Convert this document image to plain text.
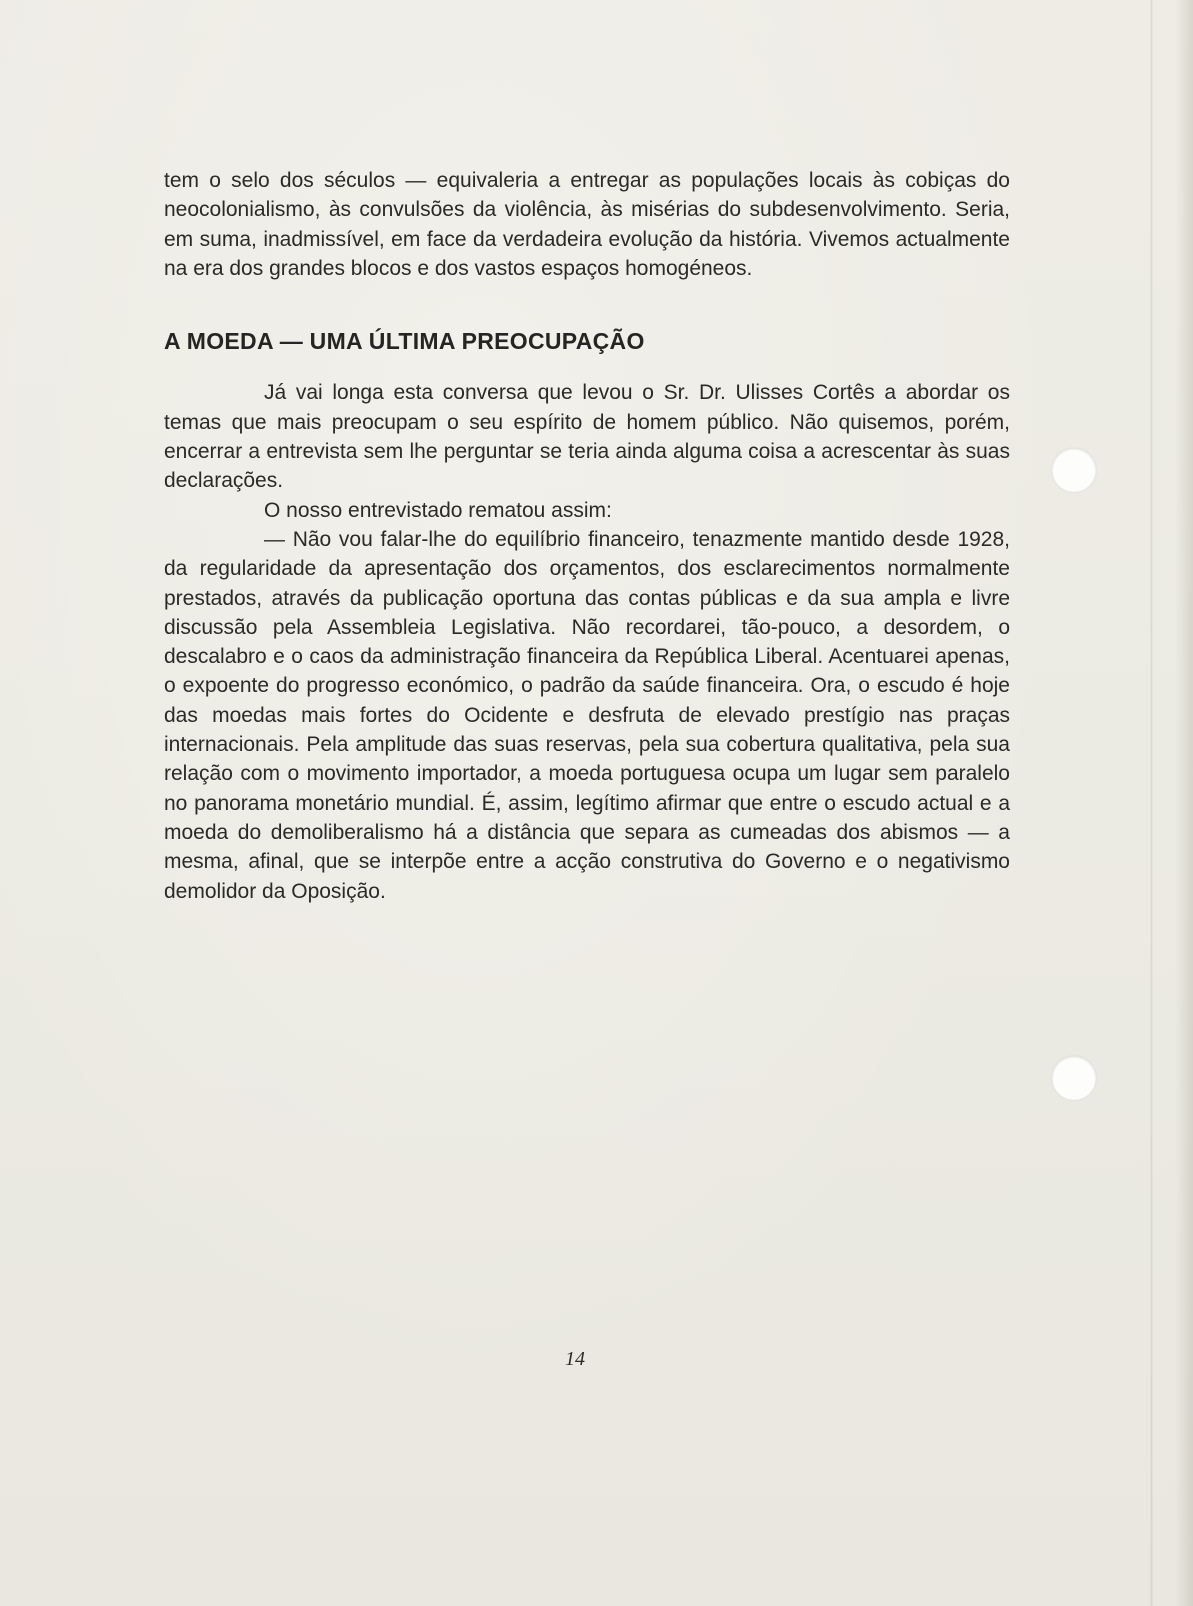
tem o selo dos séculos — equivaleria a entregar as populações locais às cobiças do neocolonialismo, às convulsões da violência, às misérias do subdesenvolvimento. Seria, em suma, inadmissível, em face da verdadeira evolução da história. Vivemos actualmente na era dos grandes blocos e dos vastos espaços homogéneos.

A MOEDA — UMA ÚLTIMA PREOCUPAÇÃO

Já vai longa esta conversa que levou o Sr. Dr. Ulisses Cortês a abordar os temas que mais preocupam o seu espírito de homem público. Não quisemos, porém, encerrar a entrevista sem lhe perguntar se teria ainda alguma coisa a acrescentar às suas declarações.

O nosso entrevistado rematou assim:

— Não vou falar-lhe do equilíbrio financeiro, tenazmente mantido desde 1928, da regularidade da apresentação dos orçamentos, dos esclarecimentos normalmente prestados, através da publicação oportuna das contas públicas e da sua ampla e livre discussão pela Assembleia Legislativa. Não recordarei, tão-pouco, a desordem, o descalabro e o caos da administração financeira da República Liberal. Acentuarei apenas, o expoente do progresso económico, o padrão da saúde financeira. Ora, o escudo é hoje das moedas mais fortes do Ocidente e desfruta de elevado prestígio nas praças internacionais. Pela amplitude das suas reservas, pela sua cobertura qualitativa, pela sua relação com o movimento importador, a moeda portuguesa ocupa um lugar sem paralelo no panorama monetário mundial. É, assim, legítimo afirmar que entre o escudo actual e a moeda do demoliberalismo há a distância que separa as cumeadas dos abismos — a mesma, afinal, que se interpõe entre a acção construtiva do Governo e o negativismo demolidor da Oposição.

14
